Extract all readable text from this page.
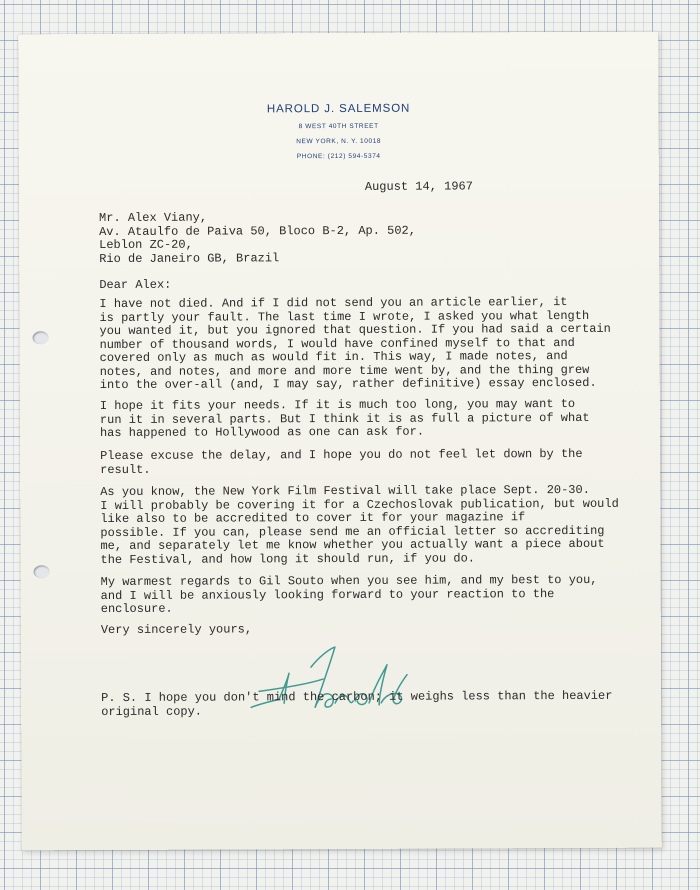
HAROLD J. SALEMSON
8 WEST 40TH STREET
NEW YORK, N. Y. 10018
PHONE: (212) 594-5374

August 14, 1967

Mr. Alex Viany,

Av. Ataulfo de Paiva 50, Bloco B-2, Ap. 502,

Leblon ZC-20,

Rio de Janeiro GB, Brazil

Dear Alex:

I have not died. And if I did not send you an article earlier, it
is partly your fault. The last time I wrote, I asked you what length
you wanted it, but you ignored that question. If you had said a certain
number of thousand words, I would have confined myself to that and
covered only as much as would fit in. This way, I made notes, and
notes, and notes, and more and more time went by, and the thing grew
into the over-all (and, I may say, rather definitive) essay enclosed.

I hope it fits your needs. If it is much too long, you may want to
run it in several parts. But I think it is as full a picture of what
has happened to Hollywood as one can ask for.

Please excuse the delay, and I hope you do not feel let down by the
result.

As you know, the New York Film Festival will take place Sept. 20-30.
I will probably be covering it for a Czechoslovak publication, but would
like also to be accredited to cover it for your magazine if
possible. If you can, please send me an official letter so accrediting
me, and separately let me know whether you actually want a piece about
the Festival, and how long it should run, if you do.

My warmest regards to Gil Souto when you see him, and my best to you,
and I will be anxiously looking forward to your reaction to the
enclosure.

Very sincerely yours,

P. S. I hope you don't mind the carbon; it weighs less than the heavier
original copy.
